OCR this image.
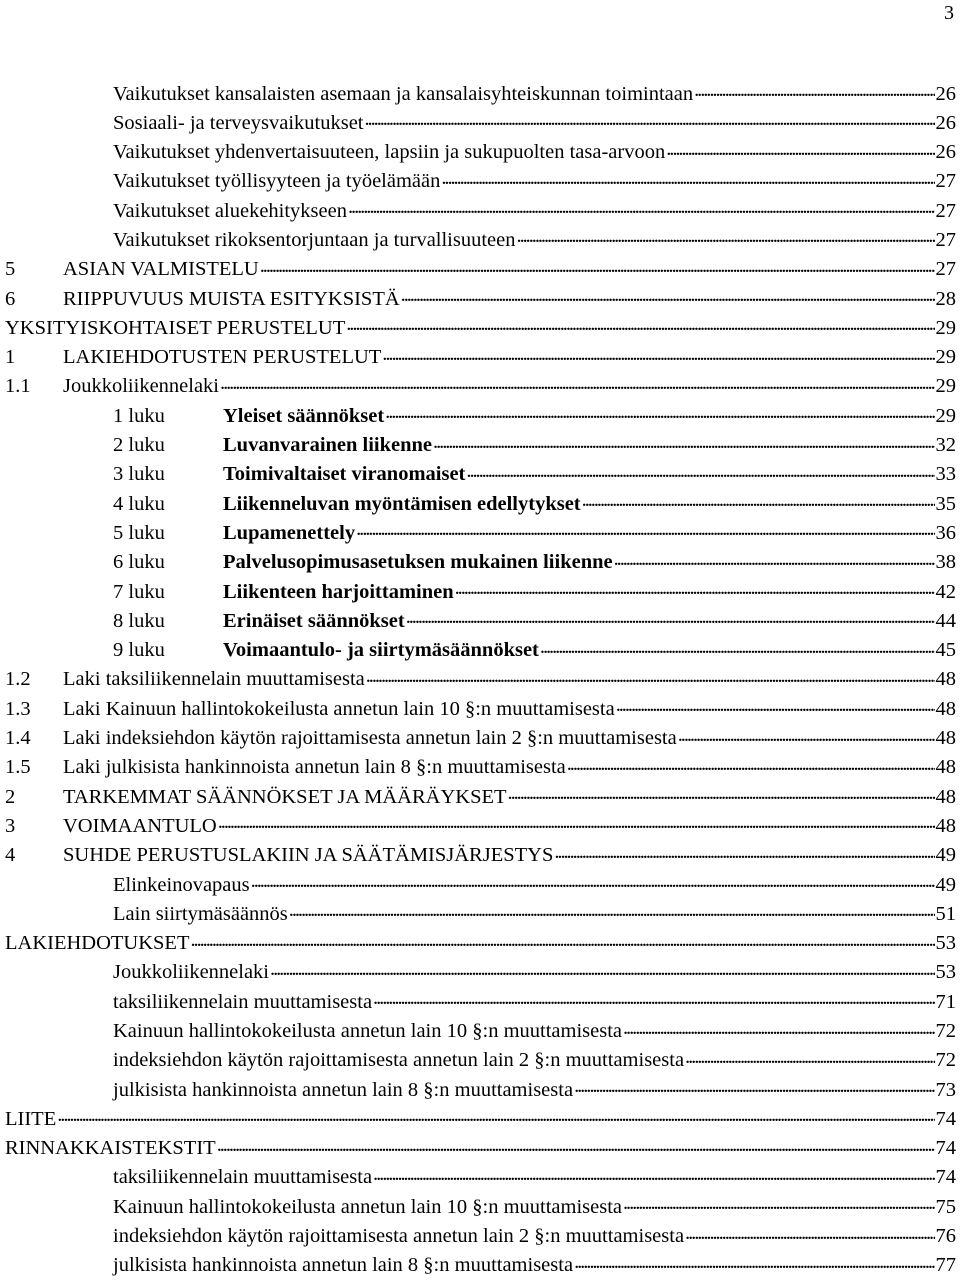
3
Vaikutukset kansalaisten asemaan ja kansalaisyhteiskunnan toimintaan . . .	26
Sosiaali- ja terveysvaikutukset . . .	26
Vaikutukset yhdenvertaisuuteen, lapsiin ja sukupuolten tasa-arvoon . . .	26
Vaikutukset työllisyyteen ja työelämään . . .	27
Vaikutukset aluekehitykseen . . .	27
Vaikutukset rikoksentorjuntaan ja turvallisuuteen . . .	27
5	ASIAN VALMISTELU . . .	27
6	RIIPPUVUUS MUISTA ESITYKSISTÄ . . .	28
YKSITYISKOHTAISET PERUSTELUT . . .	29
1	LAKIEHDOTUSTEN PERUSTELUT . . .	29
1.1	Joukkoliikennelaki . . .	29
1 luku	Yleiset säännökset . . .	29
2 luku	Luvanvarainen liikenne . . .	32
3 luku	Toimivaltaiset viranomaiset . . .	33
4 luku	Liikenneluvan myöntämisen edellytykset . . .	35
5 luku	Lupamenettely . . .	36
6 luku	Palvelusopimusasetuksen mukainen liikenne . . .	38
7 luku	Liikenteen harjoittaminen . . .	42
8 luku	Erinäiset säännökset . . .	44
9 luku	Voimaantulo- ja siirtymäsäännökset . . .	45
1.2	Laki taksiliikennelain muuttamisesta . . .	48
1.3	Laki Kainuun hallintokokeilusta annetun lain 10 §:n muuttamisesta . . .	48
1.4	Laki indeksiehdon käytön rajoittamisesta annetun lain 2 §:n muuttamisesta . . .	48
1.5	Laki julkisista hankinnoista annetun lain 8 §:n muuttamisesta . . .	48
2	TARKEMMAT SÄÄNNÖKSET JA MÄÄRÄYKSET . . .	48
3	VOIMAANTULO . . .	48
4	SUHDE PERUSTUSLAKIIN JA SÄÄTÄMISJÄRJESTYS . . .	49
Elinkeinovapaus . . .	49
Lain siirtymäsäännös . . .	51
LAKIEHDOTUKSET . . .	53
Joukkoliikennelaki . . .	53
taksiliikennelain muuttamisesta . . .	71
Kainuun hallintokokeilusta annetun lain 10 §:n muuttamisesta . . .	72
indeksiehdon käytön rajoittamisesta annetun lain 2 §:n muuttamisesta . . .	72
julkisista hankinnoista annetun lain 8 §:n muuttamisesta . . .	73
LIITE . . .	74
RINNAKKAISTEKSTIT . . .	74
taksiliikennelain muuttamisesta . . .	74
Kainuun hallintokokeilusta annetun lain 10 §:n muuttamisesta . . .	75
indeksiehdon käytön rajoittamisesta annetun lain 2 §:n muuttamisesta . . .	76
julkisista hankinnoista annetun lain 8 §:n muuttamisesta . . .	77
